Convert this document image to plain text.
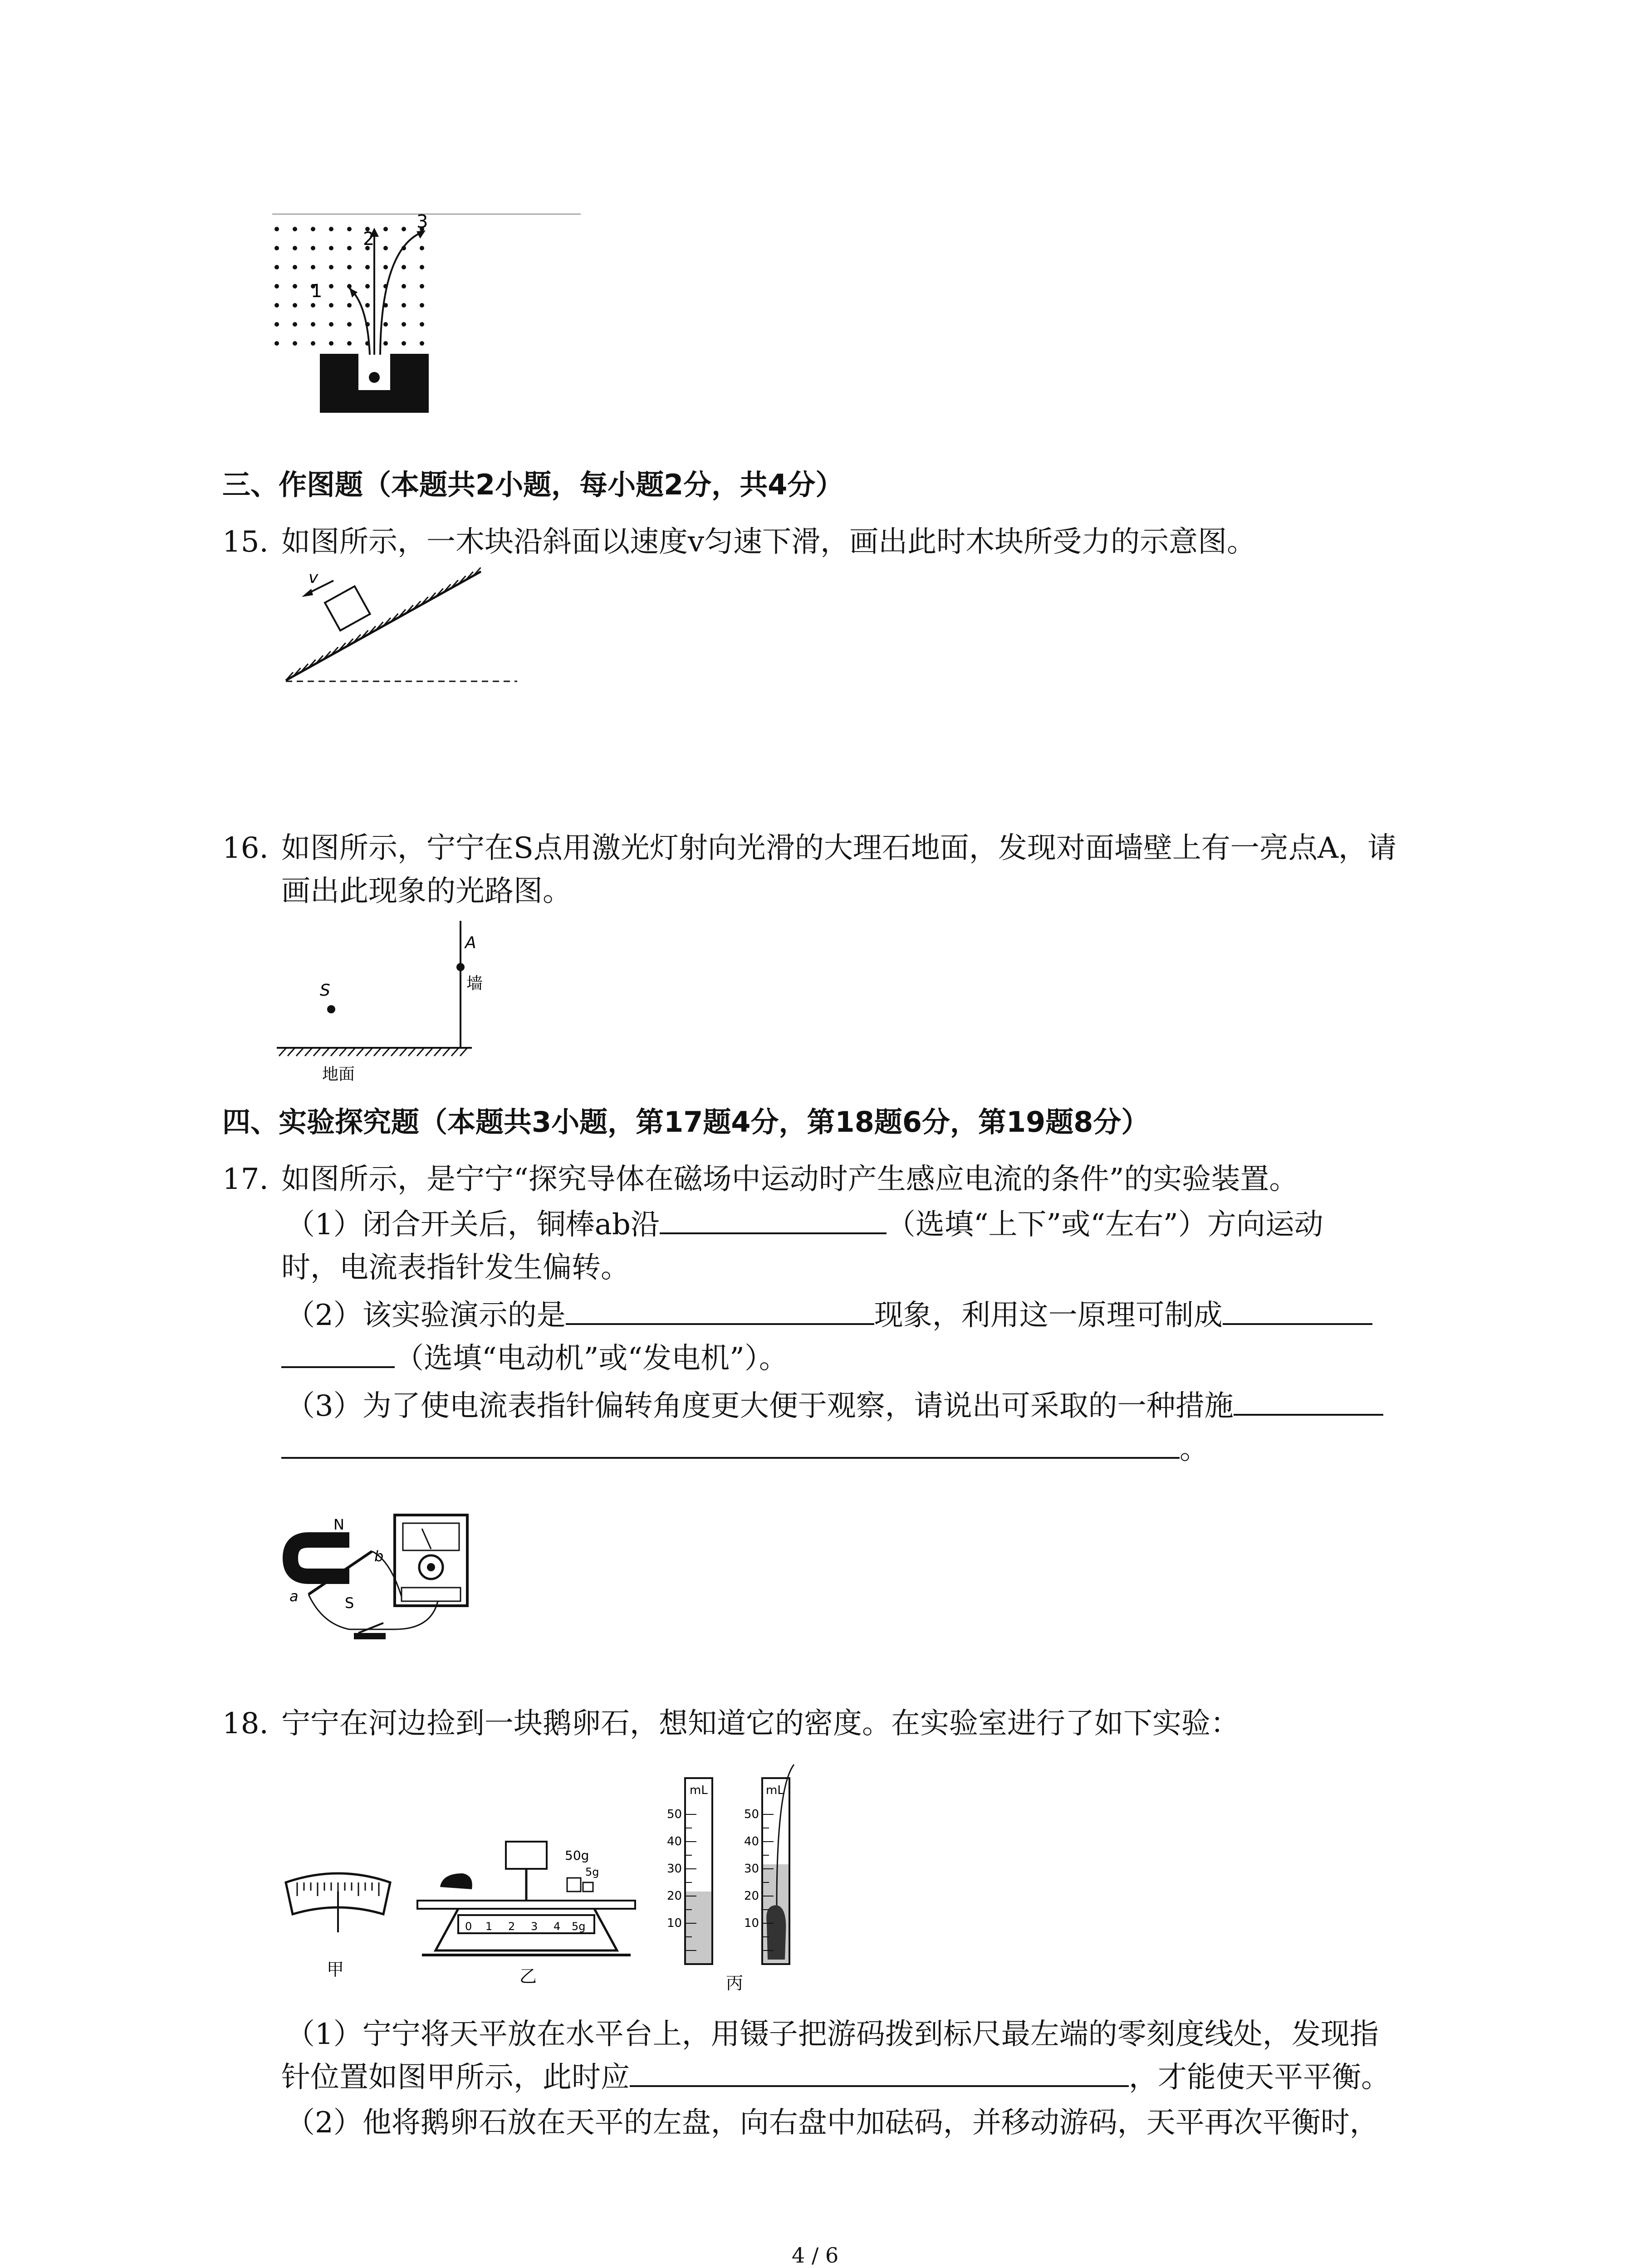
1
2
3
三、作图题（本题共2小题，每小题2分，共4分）
15. 如图所示，一木块沿斜面以速度v匀速下滑，画出此时木块所受力的示意图。
v
16. 如图所示，宁宁在S点用激光灯射向光滑的大理石地面，发现对面墙壁上有一亮点A，请
画出此现象的光路图。
A
墙
S
地面
四、实验探究题（本题共3小题，第17题4分，第18题6分，第19题8分）
17. 如图所示，是宁宁“探究导体在磁场中运动时产生感应电流的条件”的实验装置。
（1）闭合开关后，铜棒ab沿	（选填“上下”或“左右”）方向运动
时，电流表指针发生偏转。
（2）该实验演示的是	现象，利用这一原理可制成
（选填“电动机”或“发电机”）。
（3）为了使电流表指针偏转角度更大便于观察，请说出可采取的一种措施
。
N
S
a
b
18. 宁宁在河边捡到一块鹅卵石，想知道它的密度。在实验室进行了如下实验：
甲
50g
5g
0 1 2 3 4 5g
乙
mL	mL
50
40
30
20
10
50
40
30
20
10
丙
（1）宁宁将天平放在水平台上，用镊子把游码拨到标尺最左端的零刻度线处，发现指
针位置如图甲所示，此时应	，才能使天平平衡。
（2）他将鹅卵石放在天平的左盘，向右盘中加砝码，并移动游码，天平再次平衡时，
4 / 6
